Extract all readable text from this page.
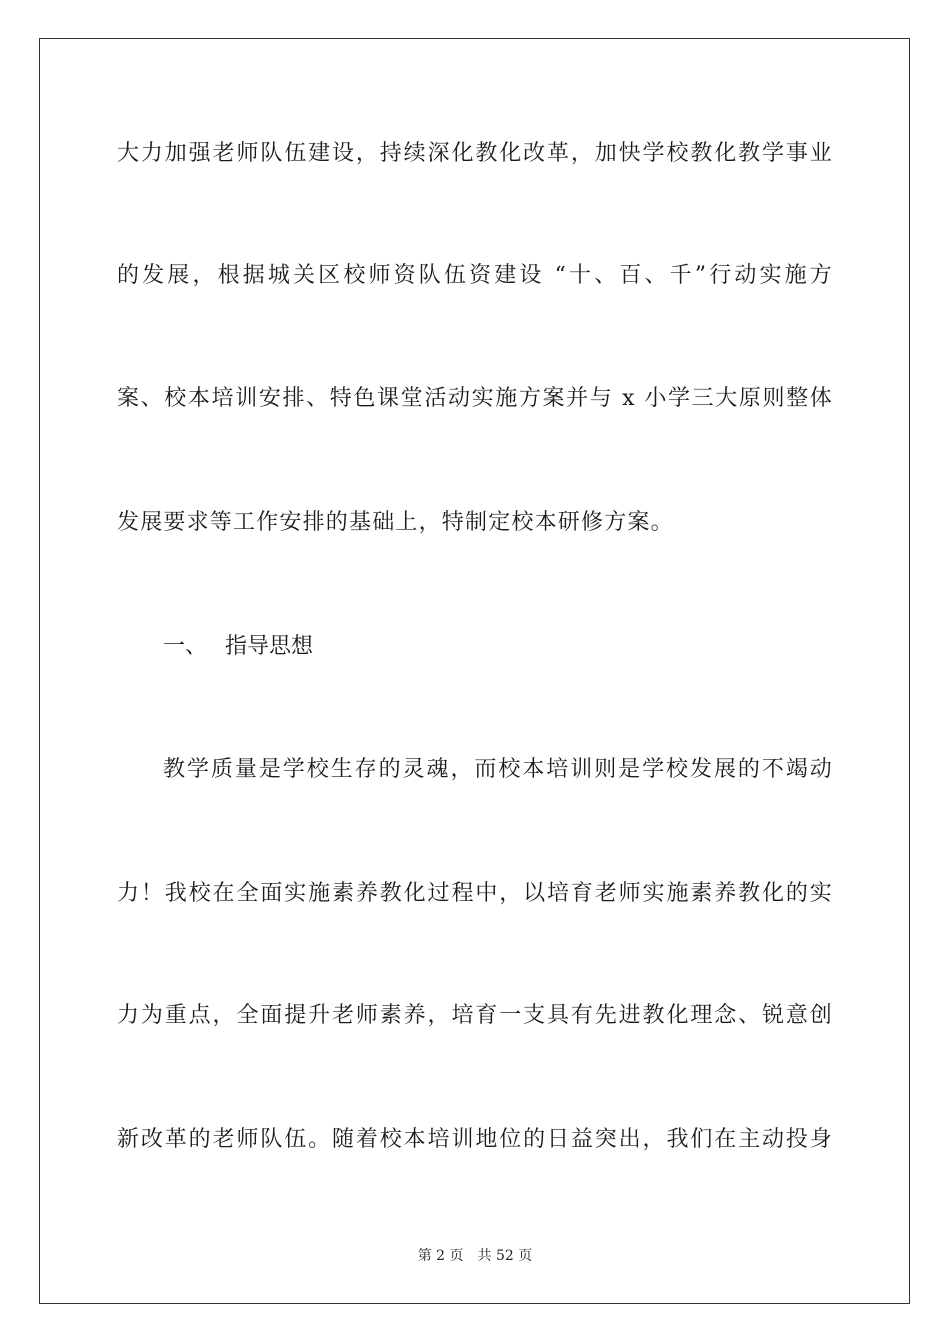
大力加强老师队伍建设，持续深化教化改革，加快学校教化教学事业
的发展，根据城关区校师资队伍资建设 “十、百、千”行动实施方
案、校本培训安排、特色课堂活动实施方案并与 x 小学三大原则整体
发展要求等工作安排的基础上，特制定校本研修方案。
一、 指导思想
教学质量是学校生存的灵魂，而校本培训则是学校发展的不竭动
力！我校在全面实施素养教化过程中，以培育老师实施素养教化的实
力为重点，全面提升老师素养，培育一支具有先进教化理念、锐意创
新改革的老师队伍。随着校本培训地位的日益突出，我们在主动投身
第 2 页 共 52 页
